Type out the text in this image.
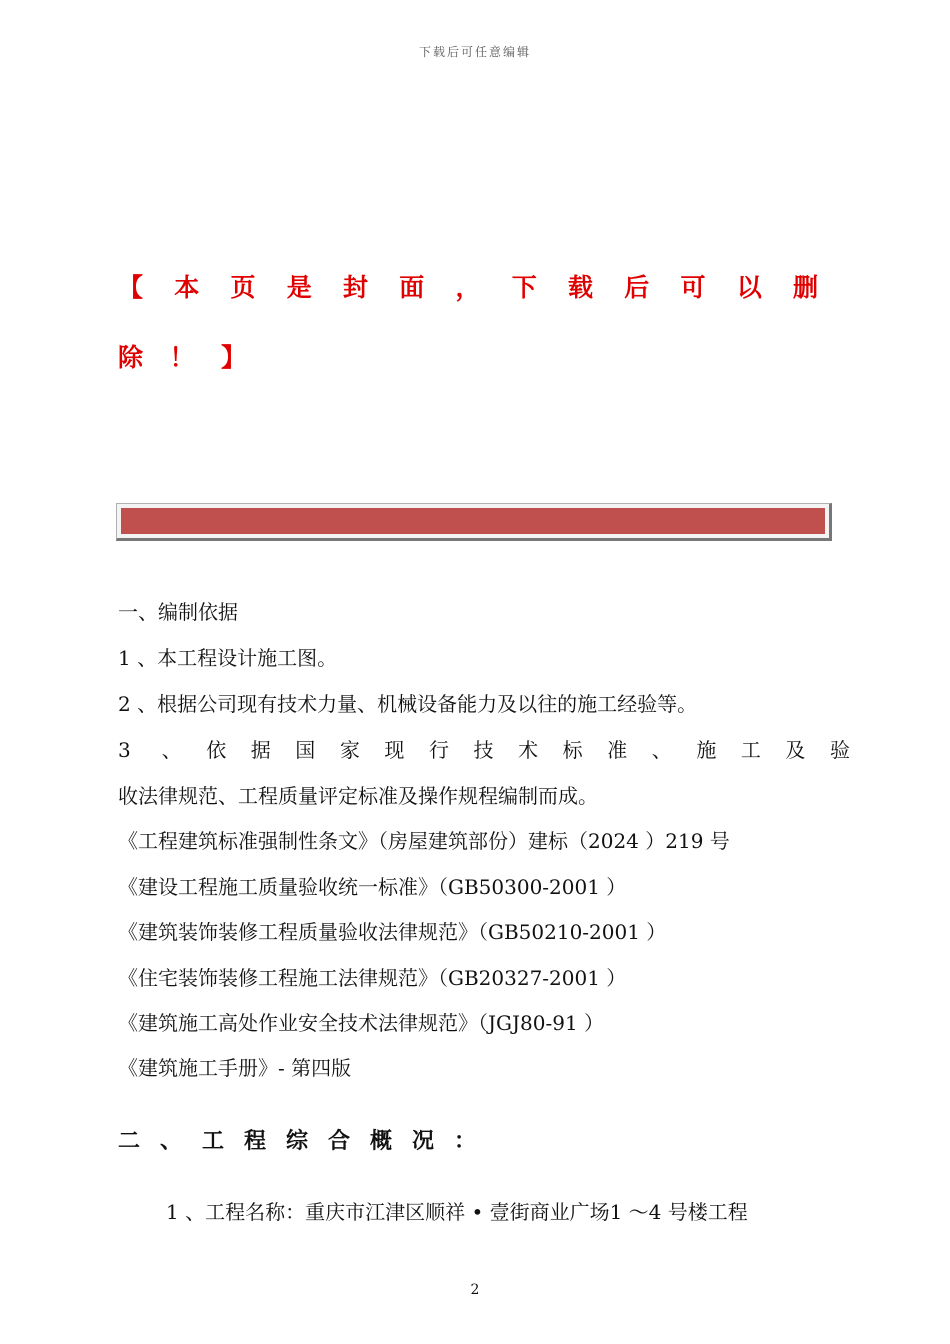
下载后可任意编辑
【本页是封面，下载后可以删
除！】
一、编制依据
1 、本工程设计施工图。
2 、根据公司现有技术力量、机械设备能力及以往的施工经验等。
3 、依据国家现行技术标准、施工及验
收法律规范、工程质量评定标准及操作规程编制而成。
《工程建筑标准强制性条文》（房屋建筑部份）建标（2024 ）219 号
《建设工程施工质量验收统一标准》（GB50300-2001 ）
《建筑装饰装修工程质量验收法律规范》（GB50210-2001 ）
《住宅装饰装修工程施工法律规范》（GB20327-2001 ）
《建筑施工高处作业安全技术法律规范》（JGJ80-91 ）
《建筑施工手册》- 第四版
二、工程综合概况：
1 、工程名称：重庆市江津区顺祥 • 壹街商业广场1 ～4 号楼工程
2
